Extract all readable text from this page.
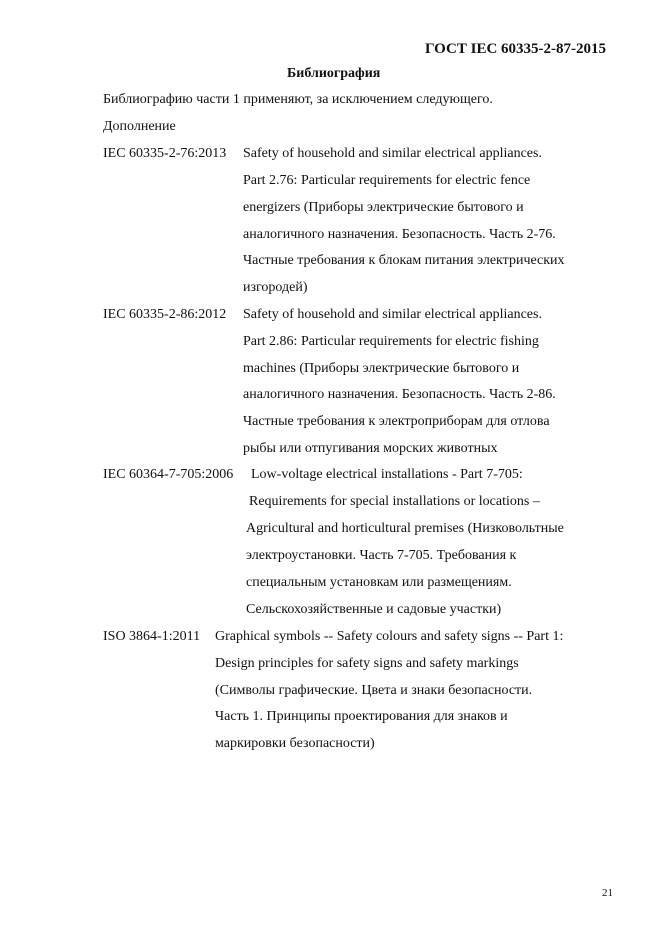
ГОСТ IEC 60335-2-87-2015
Библиография
Библиографию части 1 применяют, за исключением следующего.
Дополнение
IEC 60335-2-76:2013 Safety of household and similar electrical appliances.
Part 2.76: Particular requirements for electric fence
energizers (Приборы электрические бытового и
аналогичного назначения. Безопасность. Часть 2-76.
Частные требования к блокам питания электрических
изгородей)
IEC 60335-2-86:2012 Safety of household and similar electrical appliances.
Part 2.86: Particular requirements for electric fishing
machines (Приборы электрические бытового и
аналогичного назначения. Безопасность. Часть 2-86.
Частные требования к электроприборам для отлова
рыбы или отпугивания морских животных
IEC 60364-7-705:2006 Low-voltage electrical installations - Part 7-705:
Requirements for special installations or locations –
Agricultural and horticultural premises (Низковольтные
электроустановки. Часть 7-705. Требования к
специальным установкам или размещениям.
Сельскохозяйственные и садовые участки)
ISO 3864-1:2011 Graphical symbols -- Safety colours and safety signs -- Part 1:
Design principles for safety signs and safety markings
(Символы графические. Цвета и знаки безопасности.
Часть 1. Принципы проектирования для знаков и
маркировки безопасности)
21
